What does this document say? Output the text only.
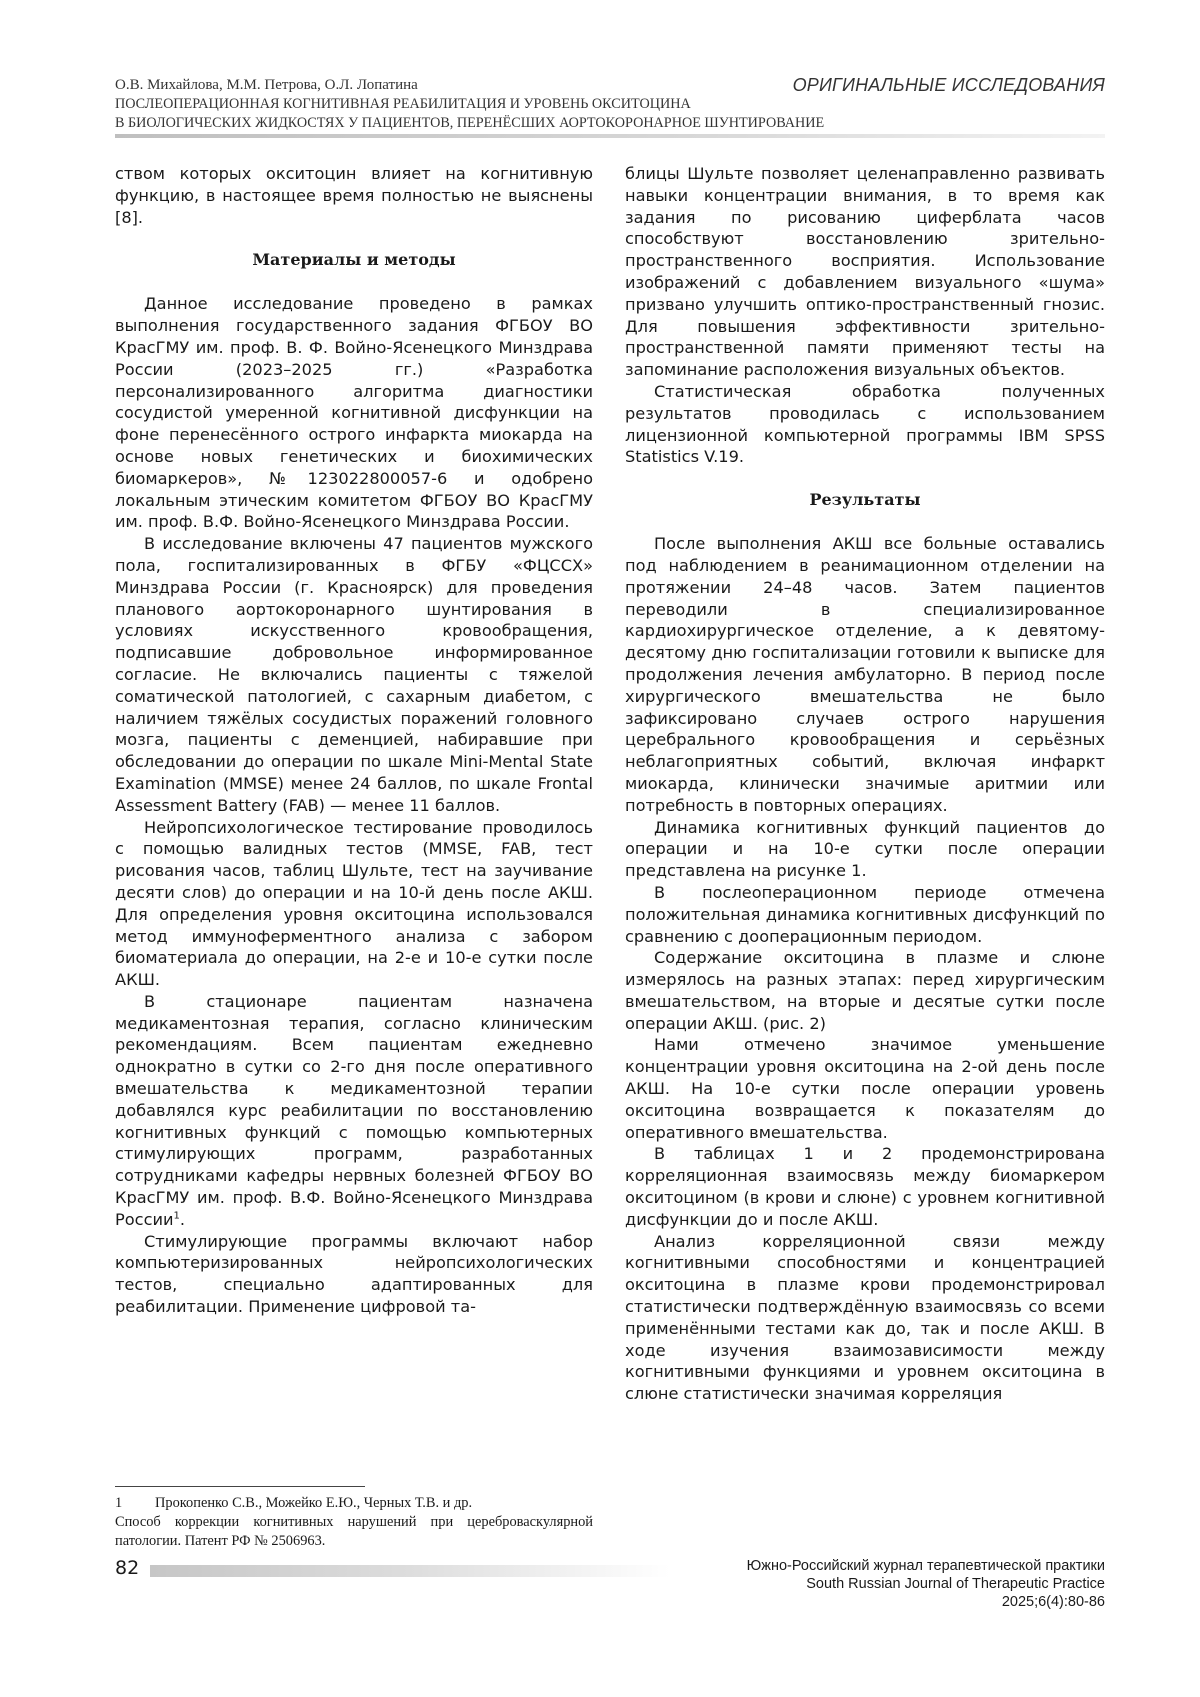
О.В. Михайлова, М.М. Петрова, О.Л. Лопатина	ОРИГИНАЛЬНЫЕ ИССЛЕДОВАНИЯ
ПОСЛЕОПЕРАЦИОННАЯ КОГНИТИВНАЯ РЕАБИЛИТАЦИЯ И УРОВЕНЬ ОКСИТОЦИНА
В БИОЛОГИЧЕСКИХ ЖИДКОСТЯХ У ПАЦИЕНТОВ, ПЕРЕНЁСШИХ АОРТОКОРОНАРНОЕ ШУНТИРОВАНИЕ

ством которых окситоцин влияет на когнитивную функцию, в настоящее время полностью не выяснены [8].

Материалы и методы

Данное исследование проведено в рамках выполнения государственного задания ФГБОУ ВО КрасГМУ им. проф. В. Ф. Войно-Ясенецкого Минздрава России (2023–2025 гг.) «Разработка персонализированного алгоритма диагностики сосудистой умеренной когнитивной дисфункции на фоне перенесённого острого инфаркта миокарда на основе новых генетических и биохимических биомаркеров», №123022800057-6 и одобрено локальным этическим комитетом ФГБОУ ВО КрасГМУ им. проф. В.Ф. Войно-Ясенецкого Минздрава России.

В исследование включены 47 пациентов мужского пола, госпитализированных в ФГБУ «ФЦССХ» Минздрава России (г. Красноярск) для проведения планового аортокоронарного шунтирования в условиях искусственного кровообращения, подписавшие добровольное информированное согласие. Не включались пациенты с тяжелой соматической патологией, с сахарным диабетом, с наличием тяжёлых сосудистых поражений головного мозга, пациенты с деменцией, набиравшие при обследовании до операции по шкале Mini-Mental State Examination (MMSE) менее 24 баллов, по шкале Frontal Assessment Battery (FAB) — менее 11 баллов.

Нейропсихологическое тестирование проводилось с помощью валидных тестов (MMSE, FAB, тест рисования часов, таблиц Шульте, тест на заучивание десяти слов) до операции и на 10-й день после АКШ. Для определения уровня окситоцина использовался метод иммуноферментного анализа с забором биоматериала до операции, на 2-е и 10-е сутки после АКШ.

В стационаре пациентам назначена медикаментозная терапия, согласно клиническим рекомендациям. Всем пациентам ежедневно однократно в сутки со 2-го дня после оперативного вмешательства к медикаментозной терапии добавлялся курс реабилитации по восстановлению когнитивных функций с помощью компьютерных стимулирующих программ, разработанных сотрудниками кафедры нервных болезней ФГБОУ ВО КрасГМУ им. проф. В.Ф. Войно-Ясенецкого Минздрава России$^1$.

Стимулирующие программы включают набор компьютеризированных нейропсихологических тестов, специально адаптированных для реабилитации. Применение цифровой та-

блицы Шульте позволяет целенаправленно развивать навыки концентрации внимания, в то время как задания по рисованию циферблата часов способствуют восстановлению зрительно-пространственного восприятия. Использование изображений с добавлением визуального «шума» призвано улучшить оптико-пространственный гнозис. Для повышения эффективности зрительно-пространственной памяти применяют тесты на запоминание расположения визуальных объектов.

Статистическая обработка полученных результатов проводилась с использованием лицензионной компьютерной программы IBM SPSS Statistics V.19.

Результаты

После выполнения АКШ все больные оставались под наблюдением в реанимационном отделении на протяжении 24–48 часов. Затем пациентов переводили в специализированное кардиохирургическое отделение, а к девятому-десятому дню госпитализации готовили к выписке для продолжения лечения амбулаторно. В период после хирургического вмешательства не было зафиксировано случаев острого нарушения церебрального кровообращения и серьёзных неблагоприятных событий, включая инфаркт миокарда, клинически значимые аритмии или потребность в повторных операциях.

Динамика когнитивных функций пациентов до операции и на 10-е сутки после операции представлена на рисунке 1.

В послеоперационном периоде отмечена положительная динамика когнитивных дисфункций по сравнению с дооперационным периодом.

Содержание окситоцина в плазме и слюне измерялось на разных этапах: перед хирургическим вмешательством, на вторые и десятые сутки после операции АКШ. (рис. 2)

Нами отмечено значимое уменьшение концентрации уровня окситоцина на 2-ой день после АКШ. На 10-е сутки после операции уровень окситоцина возвращается к показателям до оперативного вмешательства.

В таблицах 1 и 2 продемонстрирована корреляционная взаимосвязь между биомаркером окситоцином (в крови и слюне) с уровнем когнитивной дисфункции до и после АКШ.

Анализ корреляционной связи между когнитивными способностями и концентрацией окситоцина в плазме крови продемонстрировал статистически подтверждённую взаимосвязь со всеми применёнными тестами как до, так и после АКШ. В ходе изучения взаимозависимости между когнитивными функциями и уровнем окситоцина в слюне статистически значимая корреляция

1	Прокопенко С.В., Можейко Е.Ю., Черных Т.В. и др.

Способ коррекции когнитивных нарушений при цереброваскулярной патологии. Патент РФ № 2506963.

82	Южно-Российский журнал терапевтической практики
South Russian Journal of Therapeutic Practice
2025;6(4):80-86
